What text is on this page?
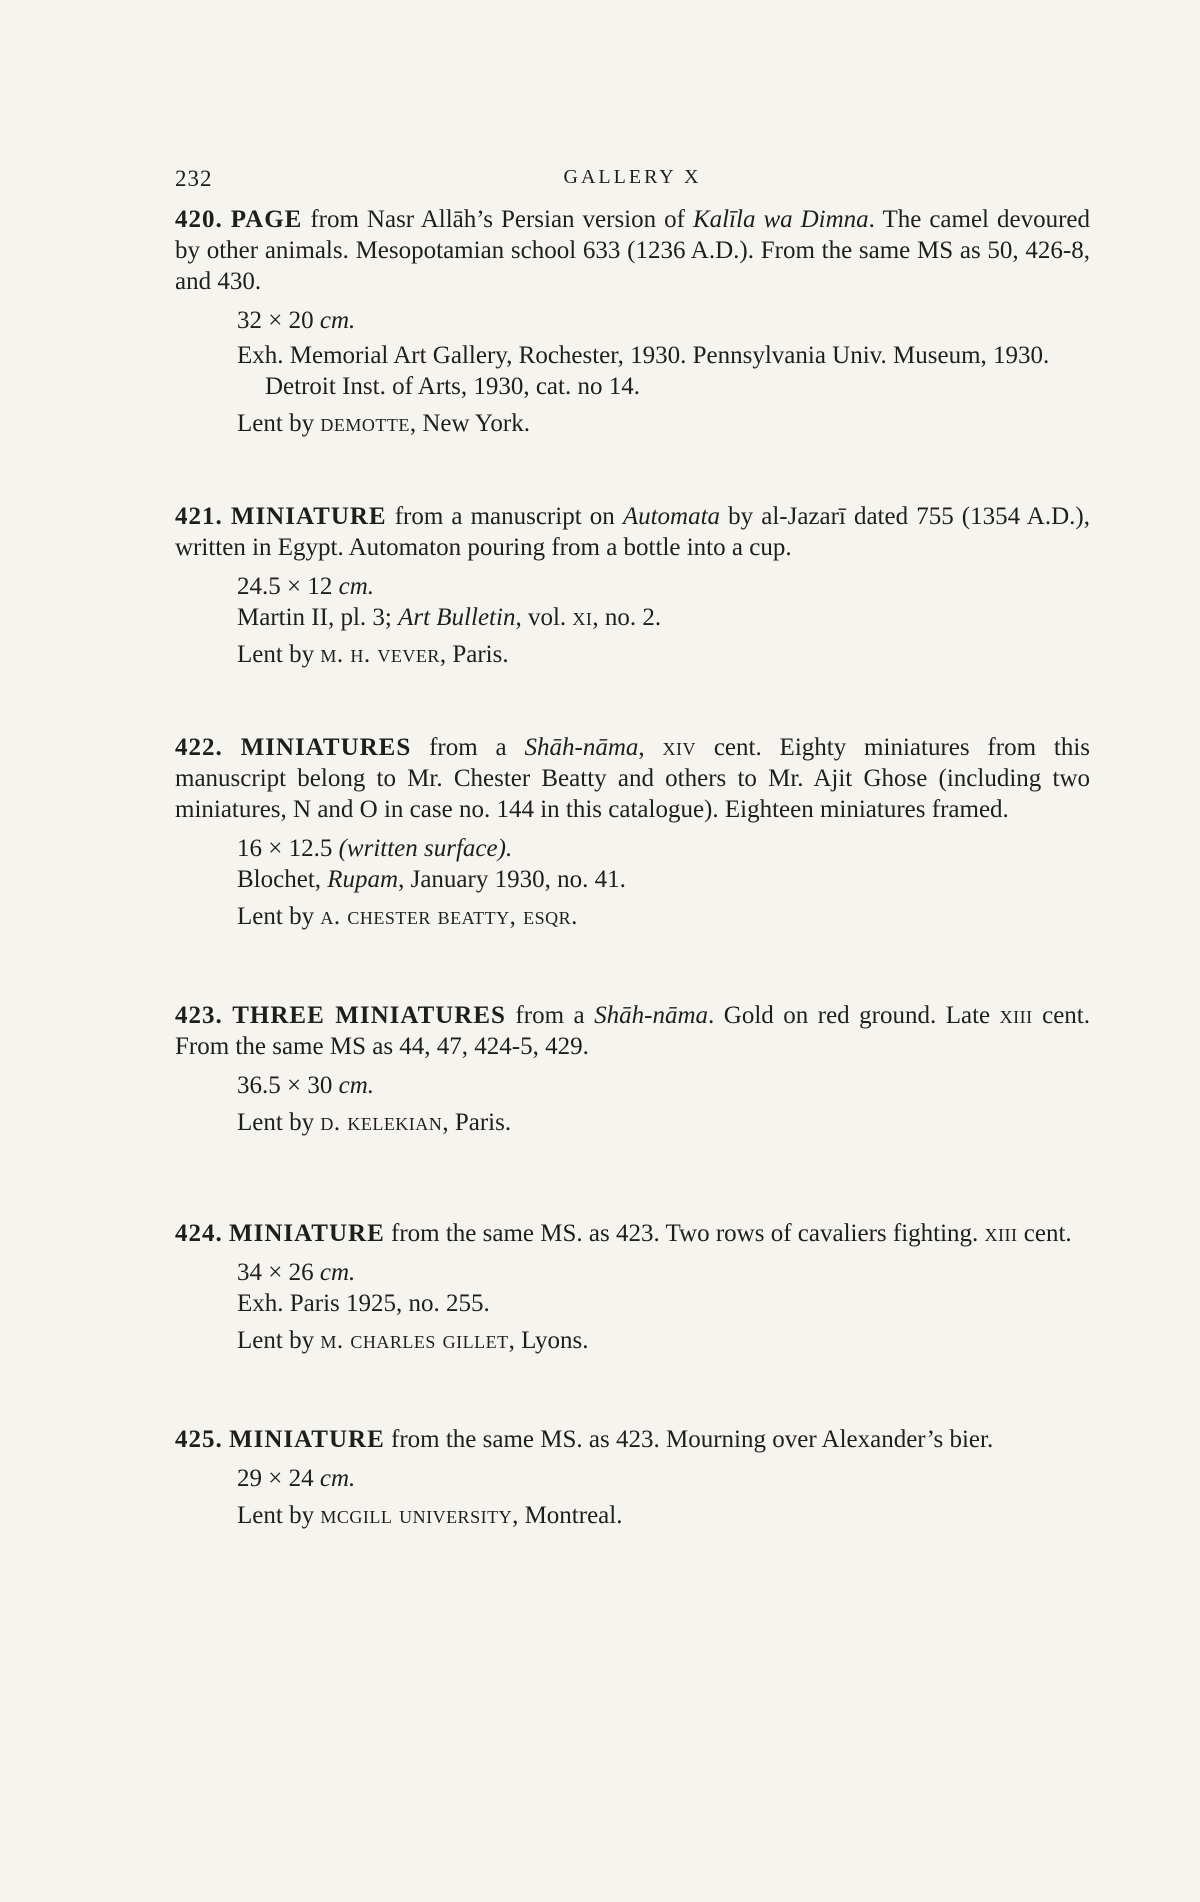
232	GALLERY X

420. PAGE from Nasr Allāh’s Persian version of Kalīla wa Dimna. The camel devoured by other animals. Mesopotamian school 633 (1236 A.D.). From the same MS as 50, 426-8, and 430.

32 × 20 cm.

Exh. Memorial Art Gallery, Rochester, 1930. Pennsylvania Univ. Museum, 1930. Detroit Inst. of Arts, 1930, cat. no 14.

Lent by demotte, New York.

421. MINIATURE from a manuscript on Automata by al-Jazarī dated 755 (1354 A.D.), written in Egypt. Automaton pouring from a bottle into a cup.

24.5 × 12 cm.

Martin II, pl. 3; Art Bulletin, vol. xi, no. 2.

Lent by m. h. vever, Paris.

422. MINIATURES from a Shāh-nāma, xiv cent. Eighty miniatures from this manuscript belong to Mr. Chester Beatty and others to Mr. Ajit Ghose (including two miniatures, N and O in case no. 144 in this catalogue). Eighteen miniatures framed.

16 × 12.5 (written surface).

Blochet, Rupam, January 1930, no. 41.

Lent by a. chester beatty, esqr.

423. THREE MINIATURES from a Shāh-nāma. Gold on red ground. Late xiii cent. From the same MS as 44, 47, 424-5, 429.

36.5 × 30 cm.

Lent by d. kelekian, Paris.

424. MINIATURE from the same MS. as 423. Two rows of cavaliers fighting. xiii cent.

34 × 26 cm.

Exh. Paris 1925, no. 255.

Lent by m. charles gillet, Lyons.

425. MINIATURE from the same MS. as 423. Mourning over Alexander’s bier.

29 × 24 cm.

Lent by mcgill university, Montreal.
